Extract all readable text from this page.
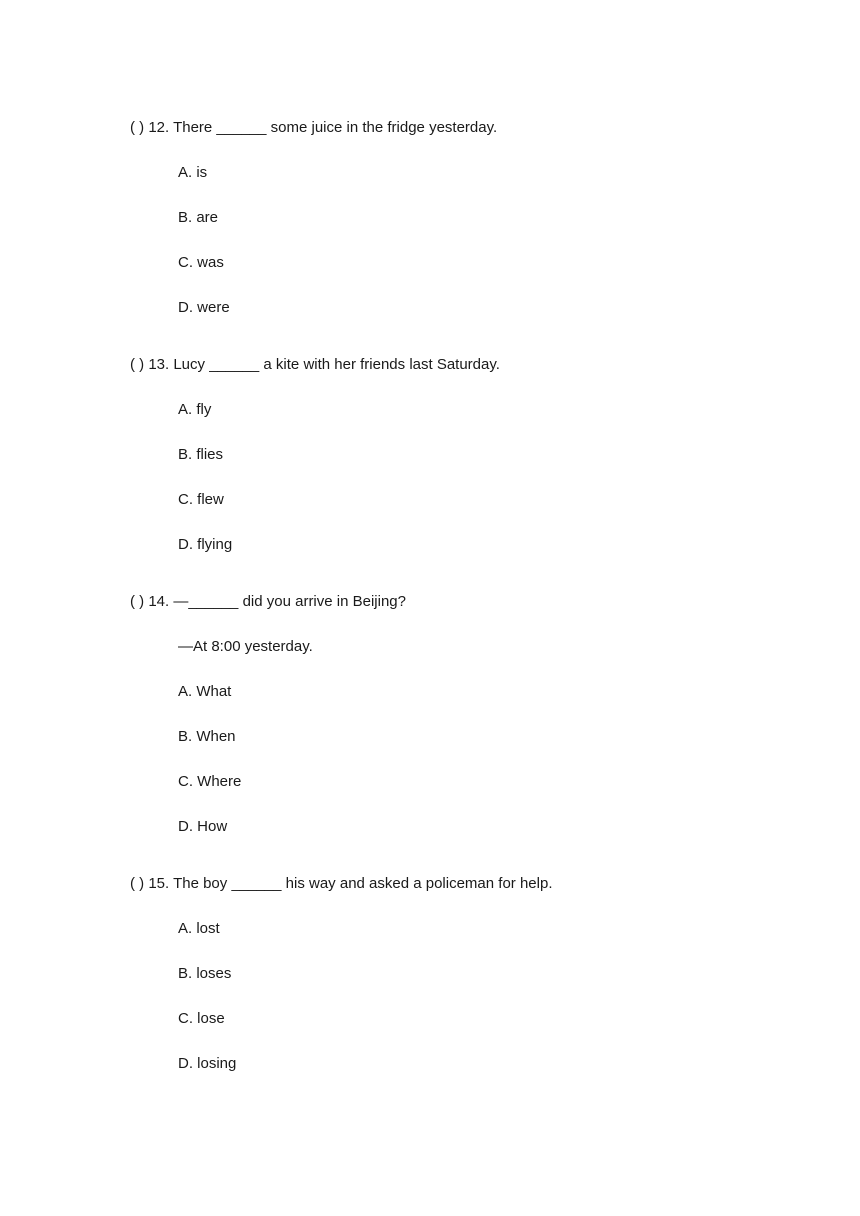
( ) 12. There ______ some juice in the fridge yesterday.
A. is
B. are
C. was
D. were
( ) 13. Lucy ______ a kite with her friends last Saturday.
A. fly
B. flies
C. flew
D. flying
( ) 14. —______ did you arrive in Beijing?
—At 8:00 yesterday.
A. What
B. When
C. Where
D. How
( ) 15. The boy ______ his way and asked a policeman for help.
A. lost
B. loses
C. lose
D. losing
